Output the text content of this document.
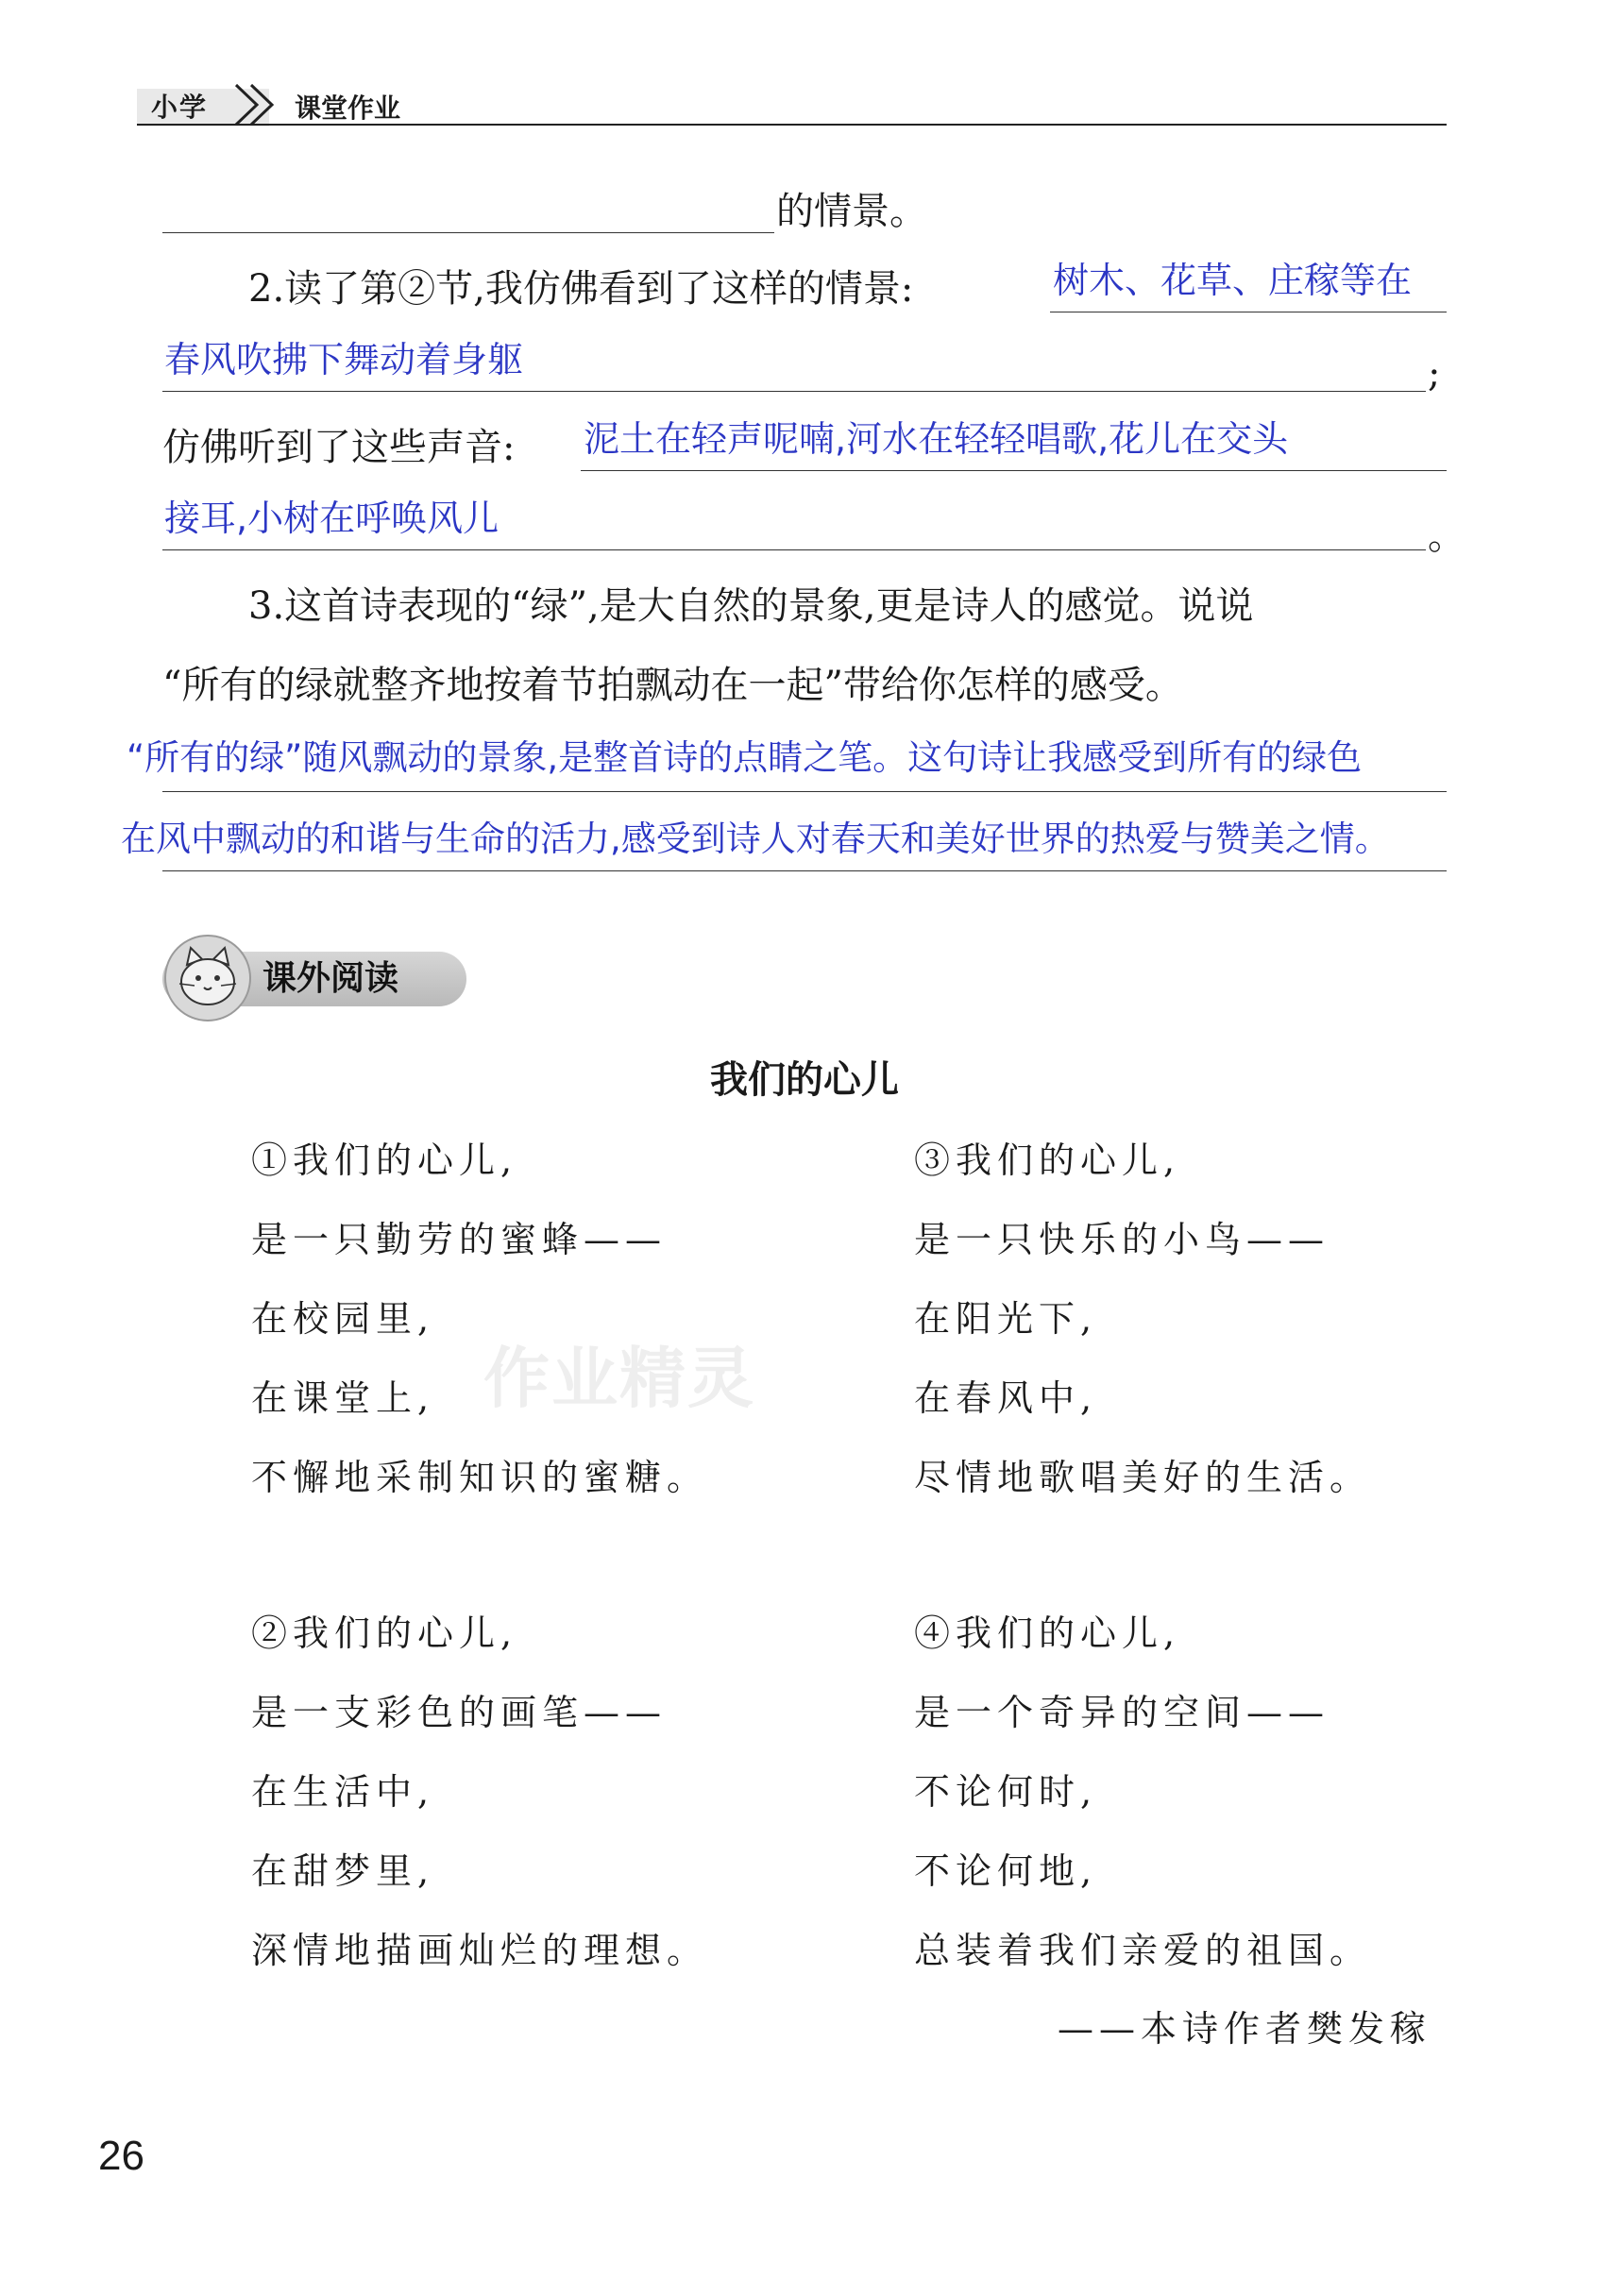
小学	课堂作业
的情景。
2.读了第②节,我仿佛看到了这样的情景:	树木、花草、庄稼等在
春风吹拂下舞动着身躯	;
仿佛听到了这些声音: 泥土在轻声呢喃,河水在轻轻唱歌,花儿在交头
接耳,小树在呼唤风儿	。
3.这首诗表现的“绿”,是大自然的景象,更是诗人的感觉。说说
“所有的绿就整齐地按着节拍飘动在一起”带给你怎样的感受。
“所有的绿”随风飘动的景象,是整首诗的点睛之笔。这句诗让我感受到所有的绿色
在风中飘动的和谐与生命的活力,感受到诗人对春天和美好世界的热爱与赞美之情。
课外阅读
我们的心儿
①我们的心儿,
是一只勤劳的蜜蜂——
在校园里,
在课堂上,
不懈地采制知识的蜜糖。
③我们的心儿,
是一只快乐的小鸟——
在阳光下,
在春风中,
尽情地歌唱美好的生活。
②我们的心儿,
是一支彩色的画笔——
在生活中,
在甜梦里,
深情地描画灿烂的理想。
④我们的心儿,
是一个奇异的空间——
不论何时,
不论何地,
总装着我们亲爱的祖国。
——本诗作者樊发稼
作业精灵
26
